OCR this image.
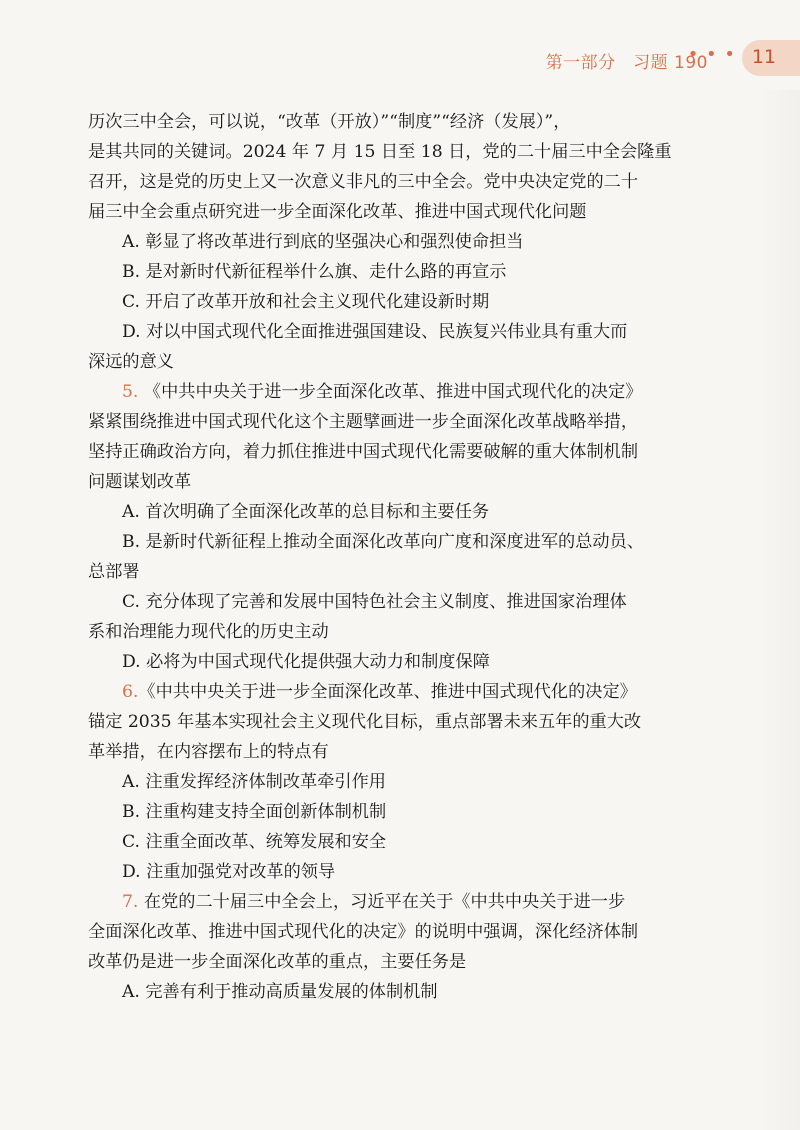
第一部分　 习题 190
• • • 11
历次三中全会，可以说，“改革（开放）”“制度”“经济（发展）”，
是其共同的关键词。2024 年 7 月 15 日至 18 日，党的二十届三中全会隆重
召开，这是党的历史上又一次意义非凡的三中全会。党中央决定党的二十
届三中全会重点研究进一步全面深化改革、推进中国式现代化问题
A. 彰显了将改革进行到底的坚强决心和强烈使命担当
B. 是对新时代新征程举什么旗、走什么路的再宣示
C. 开启了改革开放和社会主义现代化建设新时期
D. 对以中国式现代化全面推进强国建设、民族复兴伟业具有重大而
深远的意义
5. 《中共中央关于进一步全面深化改革、推进中国式现代化的决定》
紧紧围绕推进中国式现代化这个主题擘画进一步全面深化改革战略举措，
坚持正确政治方向，着力抓住推进中国式现代化需要破解的重大体制机制
问题谋划改革
A. 首次明确了全面深化改革的总目标和主要任务
B. 是新时代新征程上推动全面深化改革向广度和深度进军的总动员、
总部署
C. 充分体现了完善和发展中国特色社会主义制度、推进国家治理体
系和治理能力现代化的历史主动
D. 必将为中国式现代化提供强大动力和制度保障
6.《中共中央关于进一步全面深化改革、推进中国式现代化的决定》
锚定 2035 年基本实现社会主义现代化目标，重点部署未来五年的重大改
革举措，在内容摆布上的特点有
A. 注重发挥经济体制改革牵引作用
B. 注重构建支持全面创新体制机制
C. 注重全面改革、统筹发展和安全
D. 注重加强党对改革的领导
7. 在党的二十届三中全会上，习近平在关于《中共中央关于进一步
全面深化改革、推进中国式现代化的决定》的说明中强调，深化经济体制
改革仍是进一步全面深化改革的重点，主要任务是
A. 完善有利于推动高质量发展的体制机制
